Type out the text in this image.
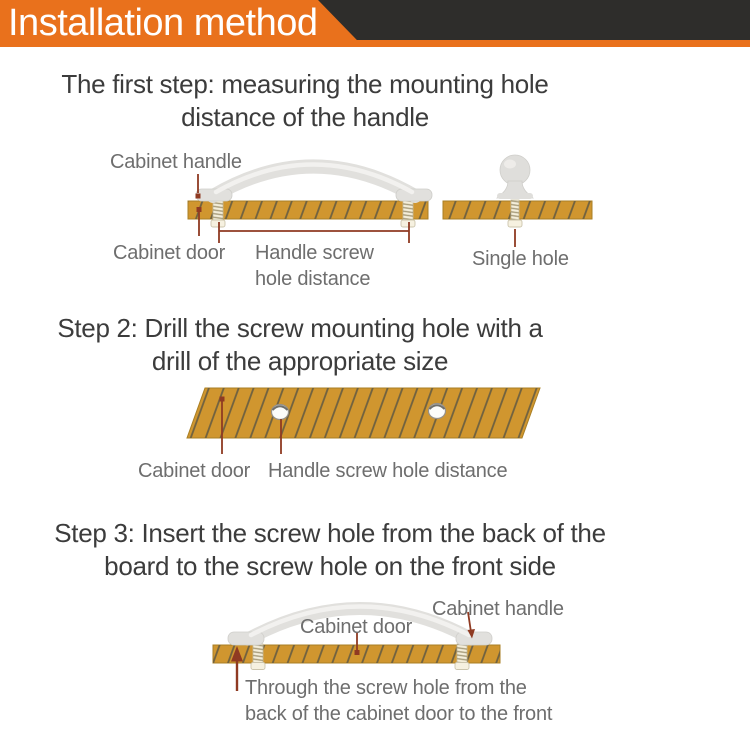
Installation method
The first step: measuring the mounting hole
distance of the handle
Step 2: Drill the screw mounting hole with a
drill of the appropriate size
Step 3: Insert the screw hole from the back of the
board to the screw hole on the front side
Cabinet handle
Cabinet door Handle screw
hole distance
Single hole
Cabinet door Handle screw hole distance
Cabinet handle
Cabinet door
Through the screw hole from the
back of the cabinet door to the front
